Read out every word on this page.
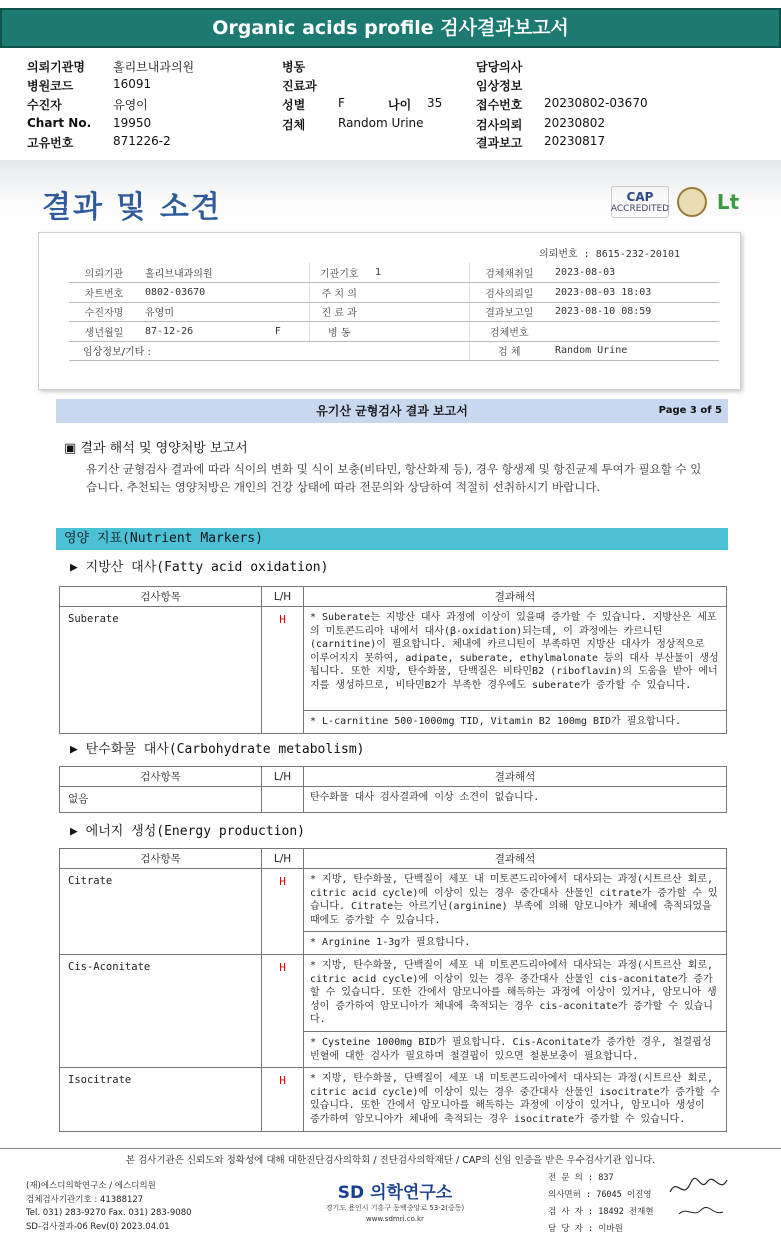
Organic acids profile 검사결과보고서
의뢰기관명 홀리브내과의원
병원코드	16091
수진자	유영이
Chart No. 19950
고유번호	871226-2
병동
진료과
성별	F	나이 35
검체	Random Urine
담당의사
임상정보
접수번호 20230802-03670
검사의뢰 20230802
결과보고 20230817
결과 및 소견	CAP
ACCREDITED Lt
의뢰번호 : 8615-232-20101
의뢰기관	홀리브내과의원		기관기호	1	검체채취일	2023-08-03
차트번호	0802-03670		주 치 의		검사의뢰일	2023-08-03 18:03
수진자명	유영미		진 료 과		결과보고일	2023-08-10 08:59
생년월일	87-12-26	F	병 동		검체번호	
임상정보/기타 :					검 체	Random Urine
유기산 균형검사 결과 보고서	Page 3 of 5
▣ 결과 해석 및 영양처방 보고서
유기산 균형검사 결과에 따라 식이의 변화 및 식이 보충(비타민, 항산화제 등), 경우 항생제 및 항진균제 투여가 필요할 수 있습니다. 추천되는 영양처방은 개인의 건강 상태에 따라 전문의와 상담하여 적절히 선취하시기 바랍니다.
영양 지표(Nutrient Markers)
▶ 지방산 대사(Fatty acid oxidation)
검사항목	L/H	결과해석
Suberate	H	* Suberate는 지방산 대사 과정에 이상이 있을때 증가할 수 있습니다. 지방산은 세포의 미토콘드리아 내에서 대사(β-oxidation)되는데, 이 과정에는 카르니틴(carnitine)이 필요합니다. 체내에 카르니틴이 부족하면 지방산 대사가 정상적으로 이루어지지 못하여, adipate, suberate, ethylmalonate 등의 대사 부산물이 생성됩니다. 또한 지방, 탄수화물, 단백질은 비타민B2 (riboflavin)의 도움을 받아 에너지를 생성하므로, 비타민B2가 부족한 경우에도 suberate가 증가할 수 있습니다.
		* L-carnitine 500-1000mg TID, Vitamin B2 100mg BID가 필요합니다.
▶ 탄수화물 대사(Carbohydrate metabolism)
검사항목	L/H	결과해석
없음		탄수화물 대사 검사결과에 이상 소견이 없습니다.
▶ 에너지 생성(Energy production)
검사항목	L/H	결과해석
Citrate	H	* 지방, 탄수화물, 단백질이 세포 내 미토콘드리아에서 대사되는 과정(시트르산 회로, citric acid cycle)에 이상이 있는 경우 중간대사 산물인 citrate가 증가할 수 있습니다. Citrate는 아르기닌(arginine) 부족에 의해 암모니아가 체내에 축적되었을 때에도 증가할 수 있습니다.
		* Arginine 1-3g가 필요합니다.
Cis-Aconitate	H	* 지방, 탄수화물, 단백질이 세포 내 미토콘드리아에서 대사되는 과정(시트르산 회로, citric acid cycle)에 이상이 있는 경우 중간대사 산물인 cis-aconitate가 증가할 수 있습니다. 또한 간에서 암모니아를 해독하는 과정에 이상이 있거나, 암모니아 생성이 증가하여 암모니아가 체내에 축적되는 경우 cis-aconitate가 증가할 수 있습니다.
		* Cysteine 1000mg BID가 필요합니다. Cis-Aconitate가 증가한 경우, 철결핍성 빈혈에 대한 검사가 필요하며 철결핍이 있으면 철분보충이 필요합니다.
Isocitrate	H	* 지방, 탄수화물, 단백질이 세포 내 미토콘드리아에서 대사되는 과정(시트르산 회로, citric acid cycle)에 이상이 있는 경우 중간대사 산물인 isocitrate가 증가할 수 있습니다. 또한 간에서 암모니아를 해독하는 과정에 이상이 있거나, 암모니아 생성이 증가하여 암모니아가 체내에 축적되는 경우 isocitrate가 증가할 수 있습니다.
본 검사기관은 신뢰도와 정확성에 대해 대한진단검사의학회 / 진단검사의학재단 / CAP의 신임 인증을 받은 우수검사기관 입니다.
(재)에스디의학연구소 / 에스디의원
검체검사기관기호 : 41388127
Tel. 031) 283-9270 Fax. 031) 283-9080
SD-검사결과-06 Rev(0) 2023.04.01
SD 의학연구소
경기도 용인시 기흥구 동백중앙로 53-2(중동)
www.sdmri.co.kr
전 문 의 : 837
의사면허 : 76045 이진영
검 사 자 : 18492 전재현
담 당 자 : 이바원
